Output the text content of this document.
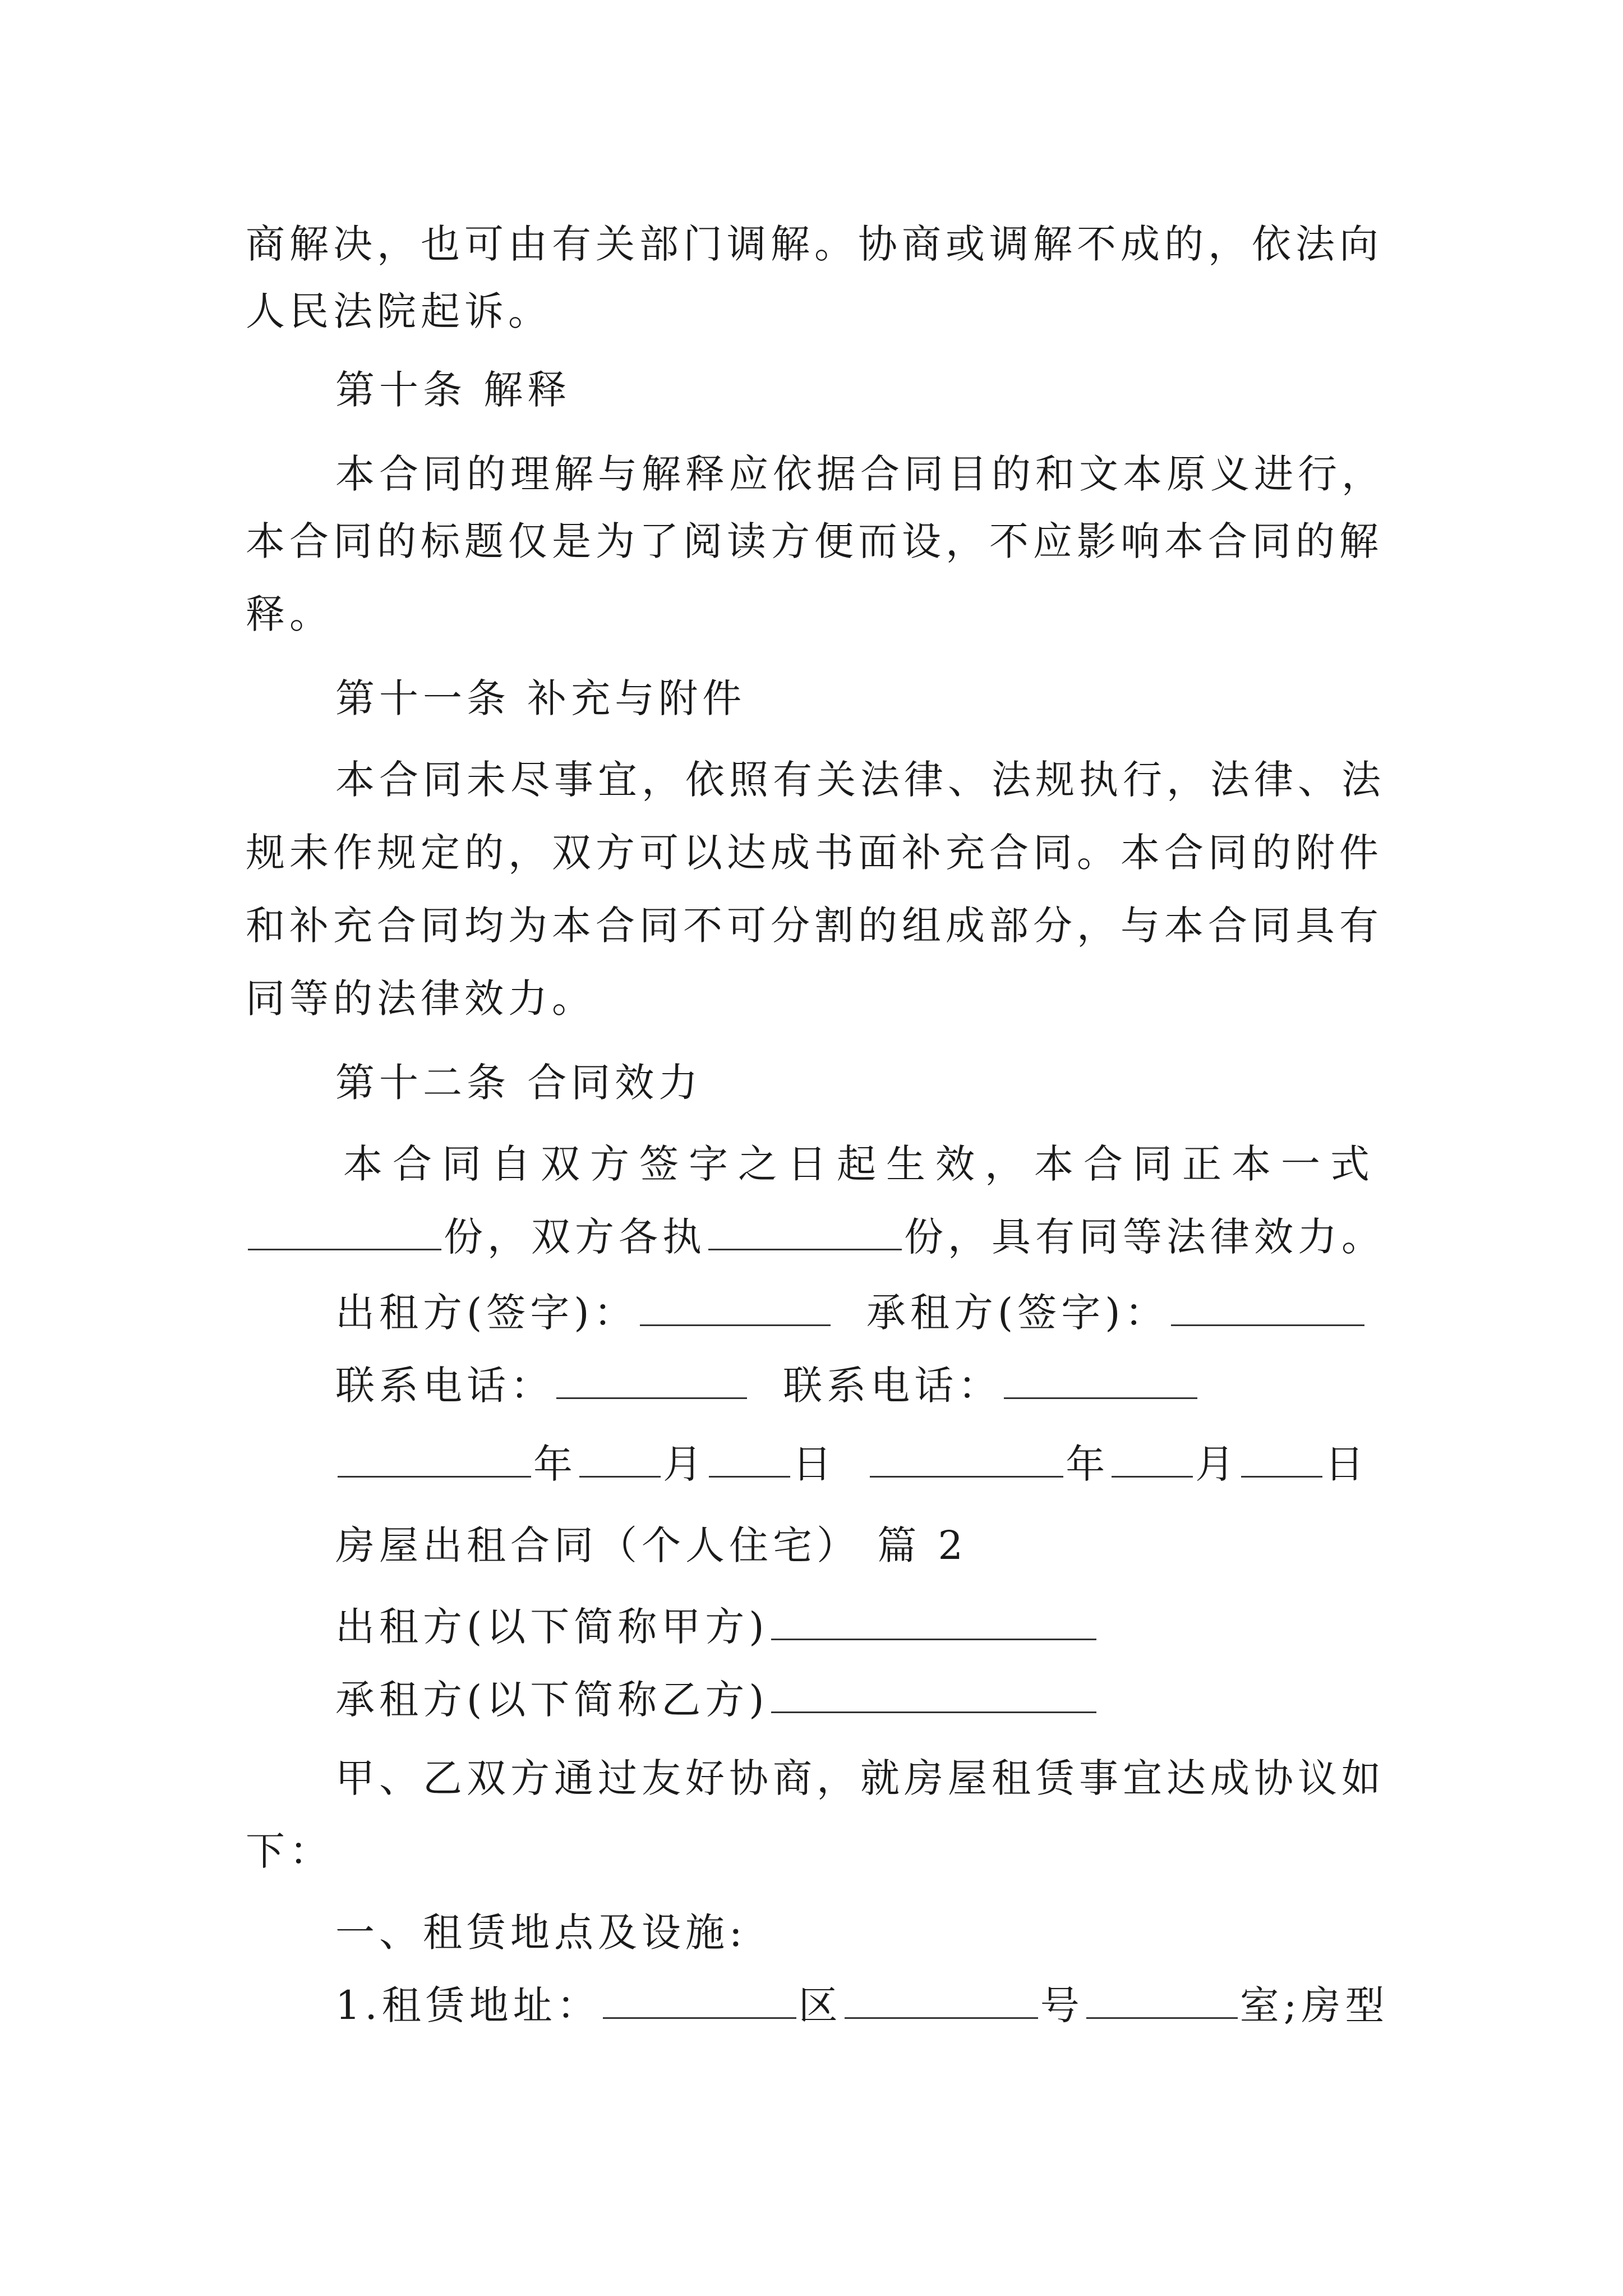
商解决，也可由有关部门调解。协商或调解不成的，依法向
人民法院起诉。
第十条 解释
本合同的理解与解释应依据合同目的和文本原义进行，
本合同的标题仅是为了阅读方便而设，不应影响本合同的解
释。
第十一条 补充与附件
本合同未尽事宜，依照有关法律、法规执行，法律、法
规未作规定的，双方可以达成书面补充合同。本合同的附件
和补充合同均为本合同不可分割的组成部分，与本合同具有
同等的法律效力。
第十二条 合同效力
本合同自双方签字之日起生效，本合同正本一式
份，双方各执	份，具有同等法律效力。
出租方(签字)：	承租方(签字)：
联系电话：	联系电话：
年 月 日	年 月 日
房屋出租合同（个人住宅） 篇 2
出租方(以下简称甲方)
承租方(以下简称乙方)
甲、乙双方通过友好协商，就房屋租赁事宜达成协议如
下：
一、租赁地点及设施:
1.租赁地址：	区	号	室;房型
